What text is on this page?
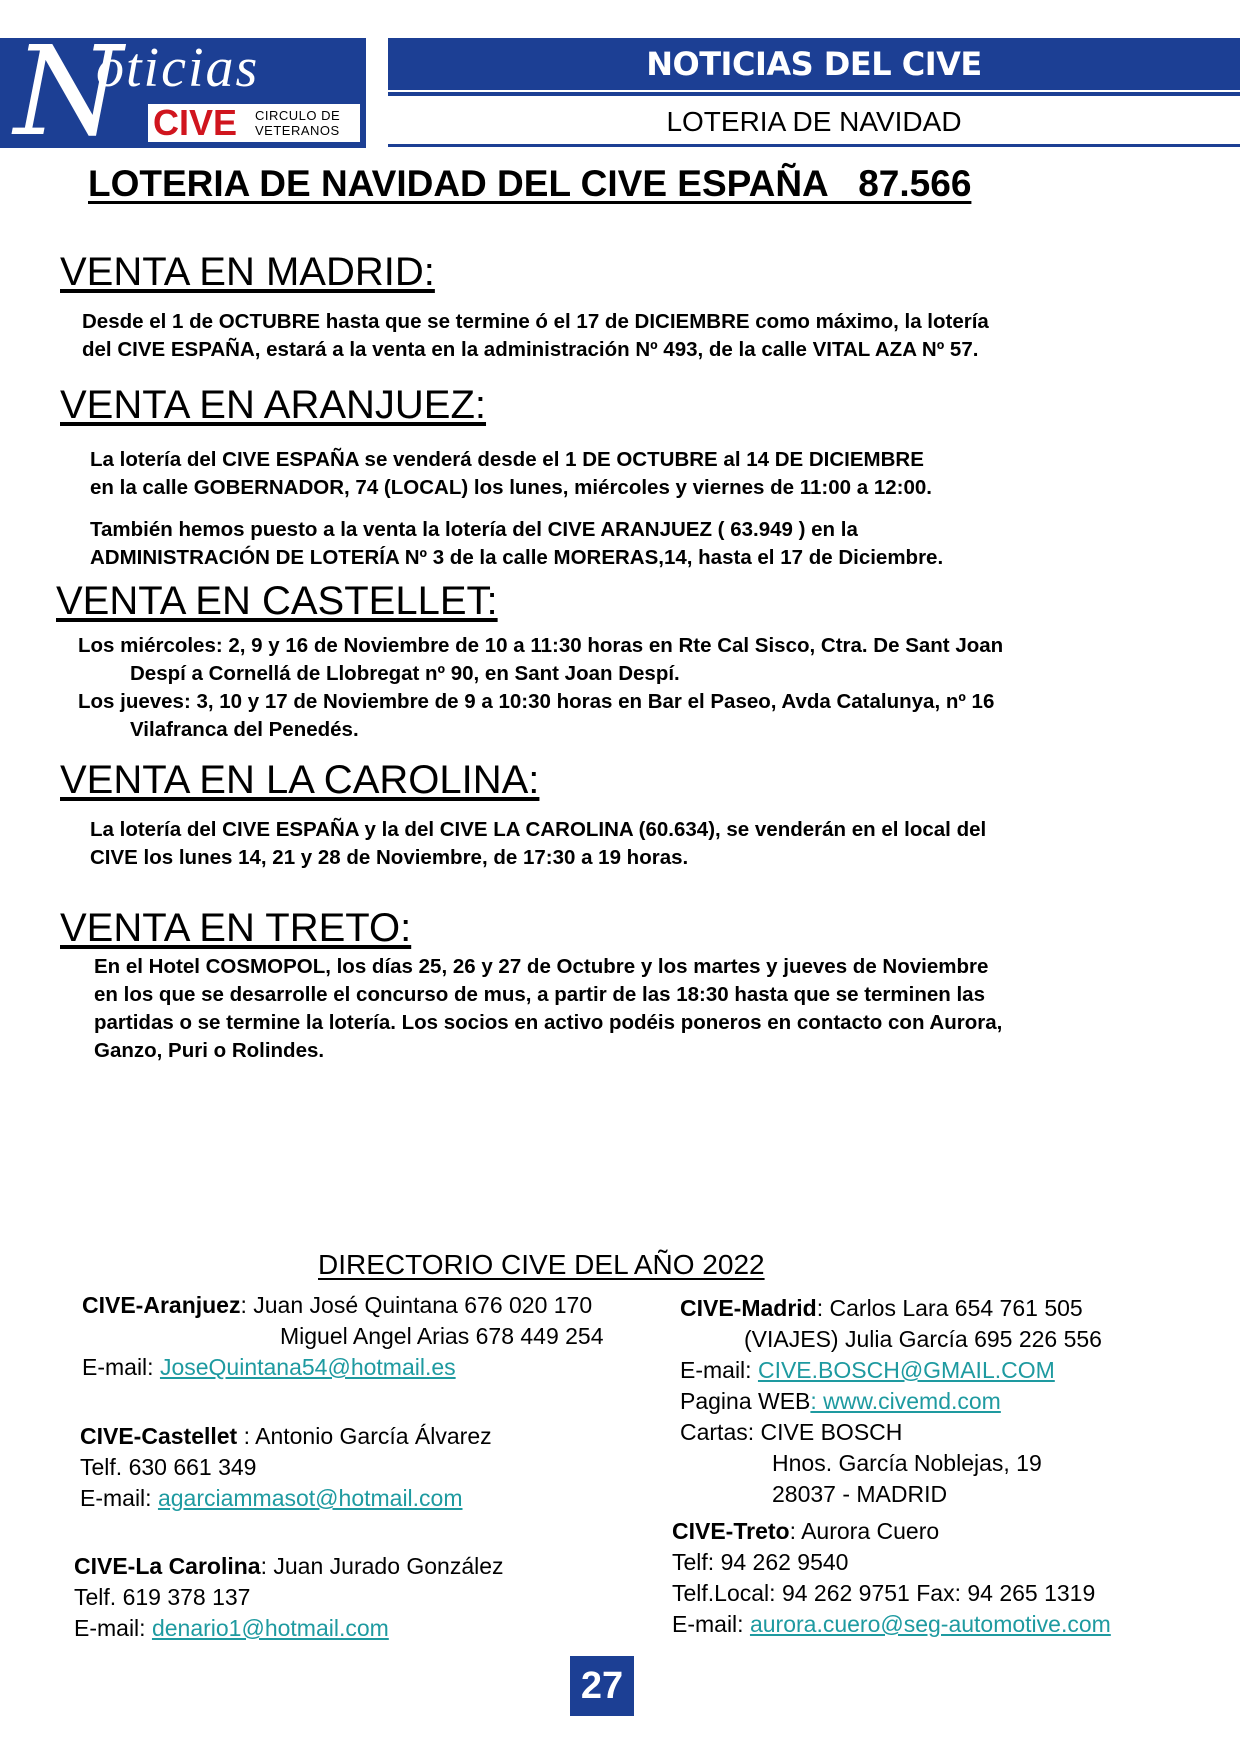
N
oticias
CIVE CIRCULO DE
VETERANOS
NOTICIAS DEL CIVE
LOTERIA DE NAVIDAD
LOTERIA DE NAVIDAD DEL CIVE ESPAÑA   87.566
VENTA EN MADRID:
Desde el 1 de OCTUBRE hasta que se termine ó el 17 de DICIEMBRE como máximo, la lotería
del CIVE ESPAÑA, estará a la venta en la administración Nº 493, de la calle VITAL AZA Nº 57.
VENTA EN ARANJUEZ:
La lotería del CIVE ESPAÑA se venderá desde el 1 DE OCTUBRE al 14 DE DICIEMBRE
en la calle GOBERNADOR, 74 (LOCAL) los lunes, miércoles y viernes de 11:00 a 12:00.
También hemos puesto a la venta la lotería del CIVE ARANJUEZ ( 63.949 ) en la
ADMINISTRACIÓN DE LOTERÍA Nº 3 de la calle MORERAS,14, hasta el 17 de Diciembre.
VENTA EN CASTELLET:
Los miércoles: 2, 9 y 16 de Noviembre de 10 a 11:30 horas en Rte Cal Sisco, Ctra. De Sant Joan
Despí a Cornellá de Llobregat nº 90, en Sant Joan Despí.
Los jueves: 3, 10 y 17 de Noviembre de 9 a 10:30 horas en Bar el Paseo, Avda Catalunya, nº 16
Vilafranca del Penedés.
VENTA EN LA CAROLINA:
La lotería del CIVE ESPAÑA y la del CIVE LA CAROLINA (60.634), se venderán en el local del
CIVE los lunes 14, 21 y 28 de Noviembre, de 17:30 a 19 horas.
VENTA EN TRETO:
En el Hotel COSMOPOL, los días 25, 26 y 27 de Octubre y los martes y jueves de Noviembre
en los que se desarrolle el concurso de mus, a partir de las 18:30 hasta que se terminen las
partidas o se termine la lotería. Los socios en activo podéis poneros en contacto con Aurora,
Ganzo, Puri o Rolindes.
DIRECTORIO CIVE DEL AÑO 2022
CIVE-Aranjuez: Juan José Quintana 676 020 170
Miguel Angel Arias 678 449 254
E-mail: JoseQuintana54@hotmail.es
CIVE-Castellet : Antonio García Álvarez
Telf. 630 661 349
E-mail: agarciammasot@hotmail.com
CIVE-La Carolina: Juan Jurado González
Telf. 619 378 137
E-mail: denario1@hotmail.com
CIVE-Madrid: Carlos Lara 654 761 505
(VIAJES) Julia García 695 226 556
E-mail: CIVE.BOSCH@GMAIL.COM
Pagina WEB: www.civemd.com
Cartas: CIVE BOSCH
Hnos. García Noblejas, 19
28037 - MADRID
CIVE-Treto: Aurora Cuero
Telf: 94 262 9540
Telf.Local: 94 262 9751 Fax: 94 265 1319
E-mail: aurora.cuero@seg-automotive.com
27
